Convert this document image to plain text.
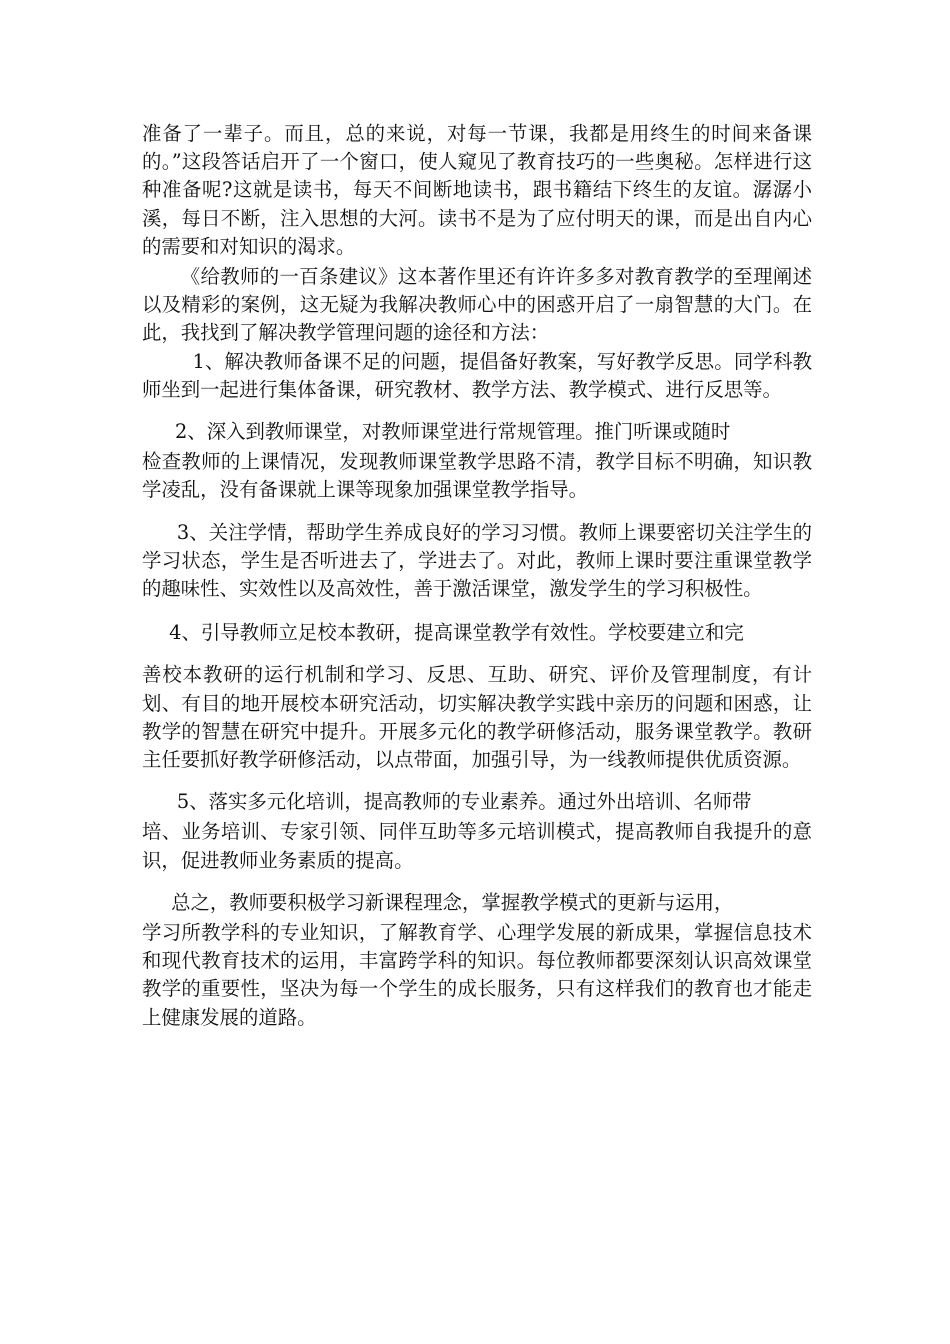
准备了一辈子。而且，总的来说，对每一节课，我都是用终生的时间来备课的。”这段答话启开了一个窗口，使人窥见了教育技巧的一些奥秘。怎样进行这种准备呢?这就是读书，每天不间断地读书，跟书籍结下终生的友谊。潺潺小溪，每日不断，注入思想的大河。读书不是为了应付明天的课，而是出自内心的需要和对知识的渴求。

《给教师的一百条建议》这本著作里还有许许多多对教育教学的至理阐述以及精彩的案例，这无疑为我解决教师心中的困惑开启了一扇智慧的大门。在此，我找到了解决教学管理问题的途径和方法：

1、解决教师备课不足的问题，提倡备好教案，写好教学反思。同学科教师坐到一起进行集体备课，研究教材、教学方法、教学模式、进行反思等。

2、深入到教师课堂，对教师课堂进行常规管理。推门听课或随时

检查教师的上课情况，发现教师课堂教学思路不清，教学目标不明确，知识教学凌乱，没有备课就上课等现象加强课堂教学指导。

3、关注学情，帮助学生养成良好的学习习惯。教师上课要密切关注学生的学习状态，学生是否听进去了，学进去了。对此，教师上课时要注重课堂教学的趣味性、实效性以及高效性，善于激活课堂，激发学生的学习积极性。

4、引导教师立足校本教研，提高课堂教学有效性。学校要建立和完

善校本教研的运行机制和学习、反思、互助、研究、评价及管理制度，有计划、有目的地开展校本研究活动，切实解决教学实践中亲历的问题和困惑，让教学的智慧在研究中提升。开展多元化的教学研修活动，服务课堂教学。教研主任要抓好教学研修活动，以点带面，加强引导，为一线教师提供优质资源。

5、落实多元化培训，提高教师的专业素养。通过外出培训、名师带

培、业务培训、专家引领、同伴互助等多元培训模式，提高教师自我提升的意识，促进教师业务素质的提高。

总之，教师要积极学习新课程理念，掌握教学模式的更新与运用，

学习所教学科的专业知识，了解教育学、心理学发展的新成果，掌握信息技术和现代教育技术的运用，丰富跨学科的知识。每位教师都要深刻认识高效课堂教学的重要性，坚决为每一个学生的成长服务，只有这样我们的教育也才能走上健康发展的道路。
